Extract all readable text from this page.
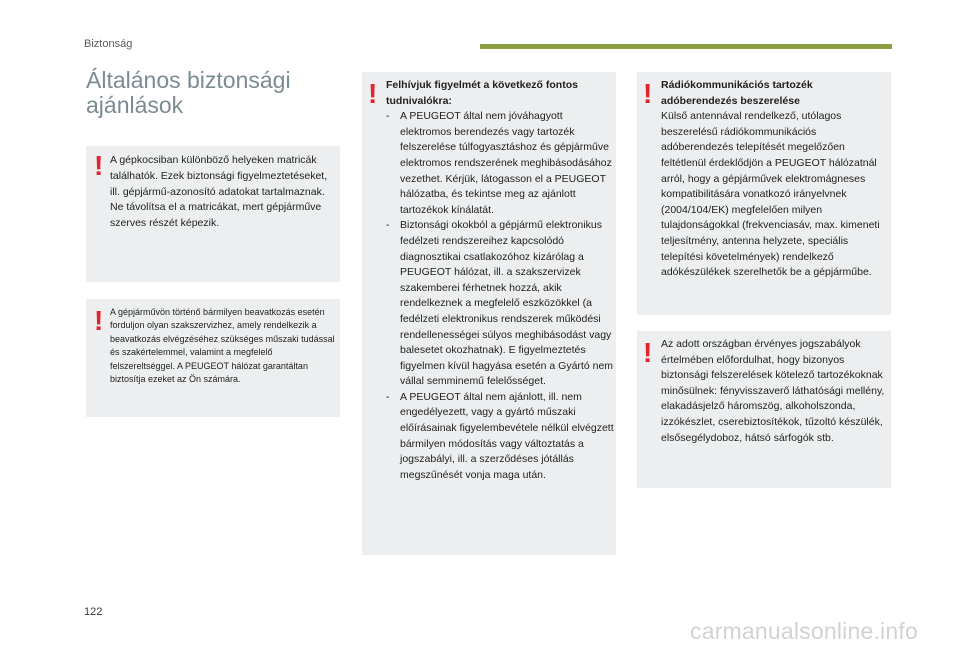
Biztonság
Általános biztonsági ajánlások
! A gépkocsiban különböző helyeken matricák találhatók. Ezek biztonsági figyelmeztetéseket, ill. gépjármű-azonosító adatokat tartalmaznak. Ne távolítsa el a matricákat, mert gépjárműve szerves részét képezik.
! A gépjárművön történő bármilyen beavatkozás esetén forduljon olyan szakszervizhez, amely rendelkezik a beavatkozás elvégzéséhez szükséges műszaki tudással és szakértelemmel, valamint a megfelelő felszereltséggel. A PEUGEOT hálózat garantáltan biztosítja ezeket az Ön számára.
! Felhívjuk figyelmét a következő fontos tudnivalókra:
- A PEUGEOT által nem jóváhagyott elektromos berendezés vagy tartozék felszerelése túlfogyasztáshoz és gépjárműve elektromos rendszerének meghibásodásához vezethet. Kérjük, látogasson el a PEUGEOT hálózatba, és tekintse meg az ajánlott tartozékok kínálatát.
- Biztonsági okokból a gépjármű elektronikus fedélzeti rendszereihez kapcsolódó diagnosztikai csatlakozóhoz kizárólag a PEUGEOT hálózat, ill. a szakszervizek szakemberei férhetnek hozzá, akik rendelkeznek a megfelelő eszközökkel (a fedélzeti elektronikus rendszerek működési rendellenességei súlyos meghibásodást vagy balesetet okozhatnak). E figyelmeztetés figyelmen kívül hagyása esetén a Gyártó nem vállal semminemű felelősséget.
- A PEUGEOT által nem ajánlott, ill. nem engedélyezett, vagy a gyártó műszaki előírásainak figyelembevétele nélkül elvégzett bármilyen módosítás vagy változtatás a jogszabályi, ill. a szerződéses jótállás megszűnését vonja maga után.
! Rádiókommunikációs tartozék adóberendezés beszerelése
Külső antennával rendelkező, utólagos beszerelésű rádiókommunikációs adóberendezés telepítését megelőzően feltétlenül érdeklődjön a PEUGEOT hálózatnál arról, hogy a gépjárművek elektromágneses kompatibilitására vonatkozó irányelvnek (2004/104/EK) megfelelően milyen tulajdonságokkal (frekvenciasáv, max. kimeneti teljesítmény, antenna helyzete, speciális telepítési követelmények) rendelkező adókészülékek szerelhetők be a gépjárműbe.
! Az adott országban érvényes jogszabályok értelmében előfordulhat, hogy bizonyos biztonsági felszerelések kötelező tartozékoknak minősülnek: fényvisszaverő láthatósági mellény, elakadásjelző háromszög, alkoholszonda, izzókészlet, cserebiztosítékok, tűzoltó készülék, elsősegélydoboz, hátsó sárfogók stb.
122
carmanualsonline.info
